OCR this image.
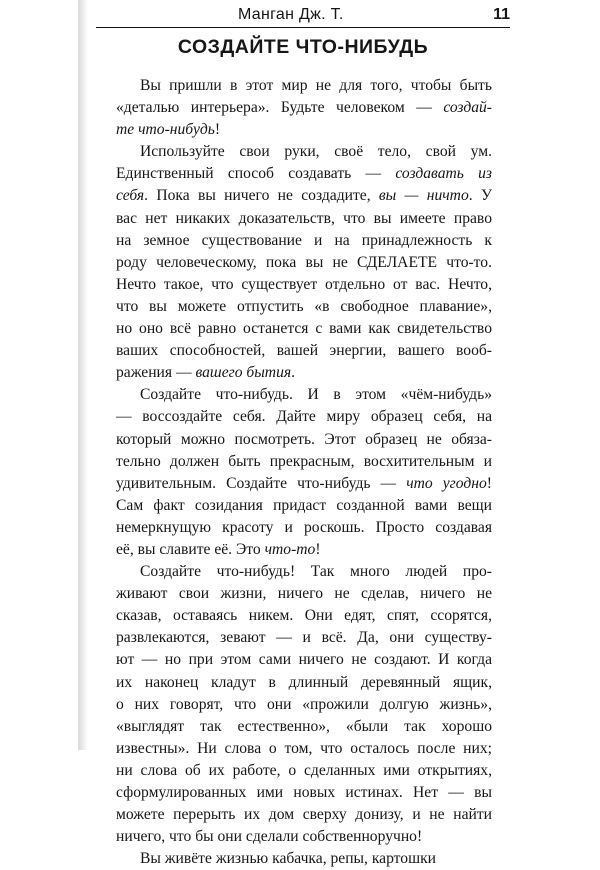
Манган Дж. Т.	11
СОЗДАЙТЕ ЧТО-НИБУДЬ
Вы пришли в этот мир не для того, чтобы быть
«деталью интерьера». Будьте человеком — создай-
те что-нибудь!
Используйте свои руки, своё тело, свой ум.
Единственный способ создавать — создавать из
себя. Пока вы ничего не создадите, вы — ничто. У
вас нет никаких доказательств, что вы имеете право
на земное существование и на принадлежность к
роду человеческому, пока вы не СДЕЛАЕТЕ что-то.
Нечто такое, что существует отдельно от вас. Нечто,
что вы можете отпустить «в свободное плавание»,
но оно всё равно останется с вами как свидетельство
ваших способностей, вашей энергии, вашего вооб-
ражения — вашего бытия.
Создайте что-нибудь. И в этом «чём-нибудь»
— воссоздайте себя. Дайте миру образец себя, на
который можно посмотреть. Этот образец не обяза-
тельно должен быть прекрасным, восхитительным и
удивительным. Создайте что-нибудь — что угодно!
Сам факт созидания придаст созданной вами вещи
немеркнущую красоту и роскошь. Просто создавая
её, вы славите её. Это что-то!
Создайте что-нибудь! Так много людей про-
живают свои жизни, ничего не сделав, ничего не
сказав, оставаясь никем. Они едят, спят, ссорятся,
развлекаются, зевают — и всё. Да, они существу-
ют — но при этом сами ничего не создают. И когда
их наконец кладут в длинный деревянный ящик,
о них говорят, что они «прожили долгую жизнь»,
«выглядят так естественно», «были так хорошо
известны». Ни слова о том, что осталось после них;
ни слова об их работе, о сделанных ими открытиях,
сформулированных ими новых истинах. Нет — вы
можете перерыть их дом сверху донизу, и не найти
ничего, что бы они сделали собственноручно!
Вы живёте жизнью кабачка, репы, картошки
